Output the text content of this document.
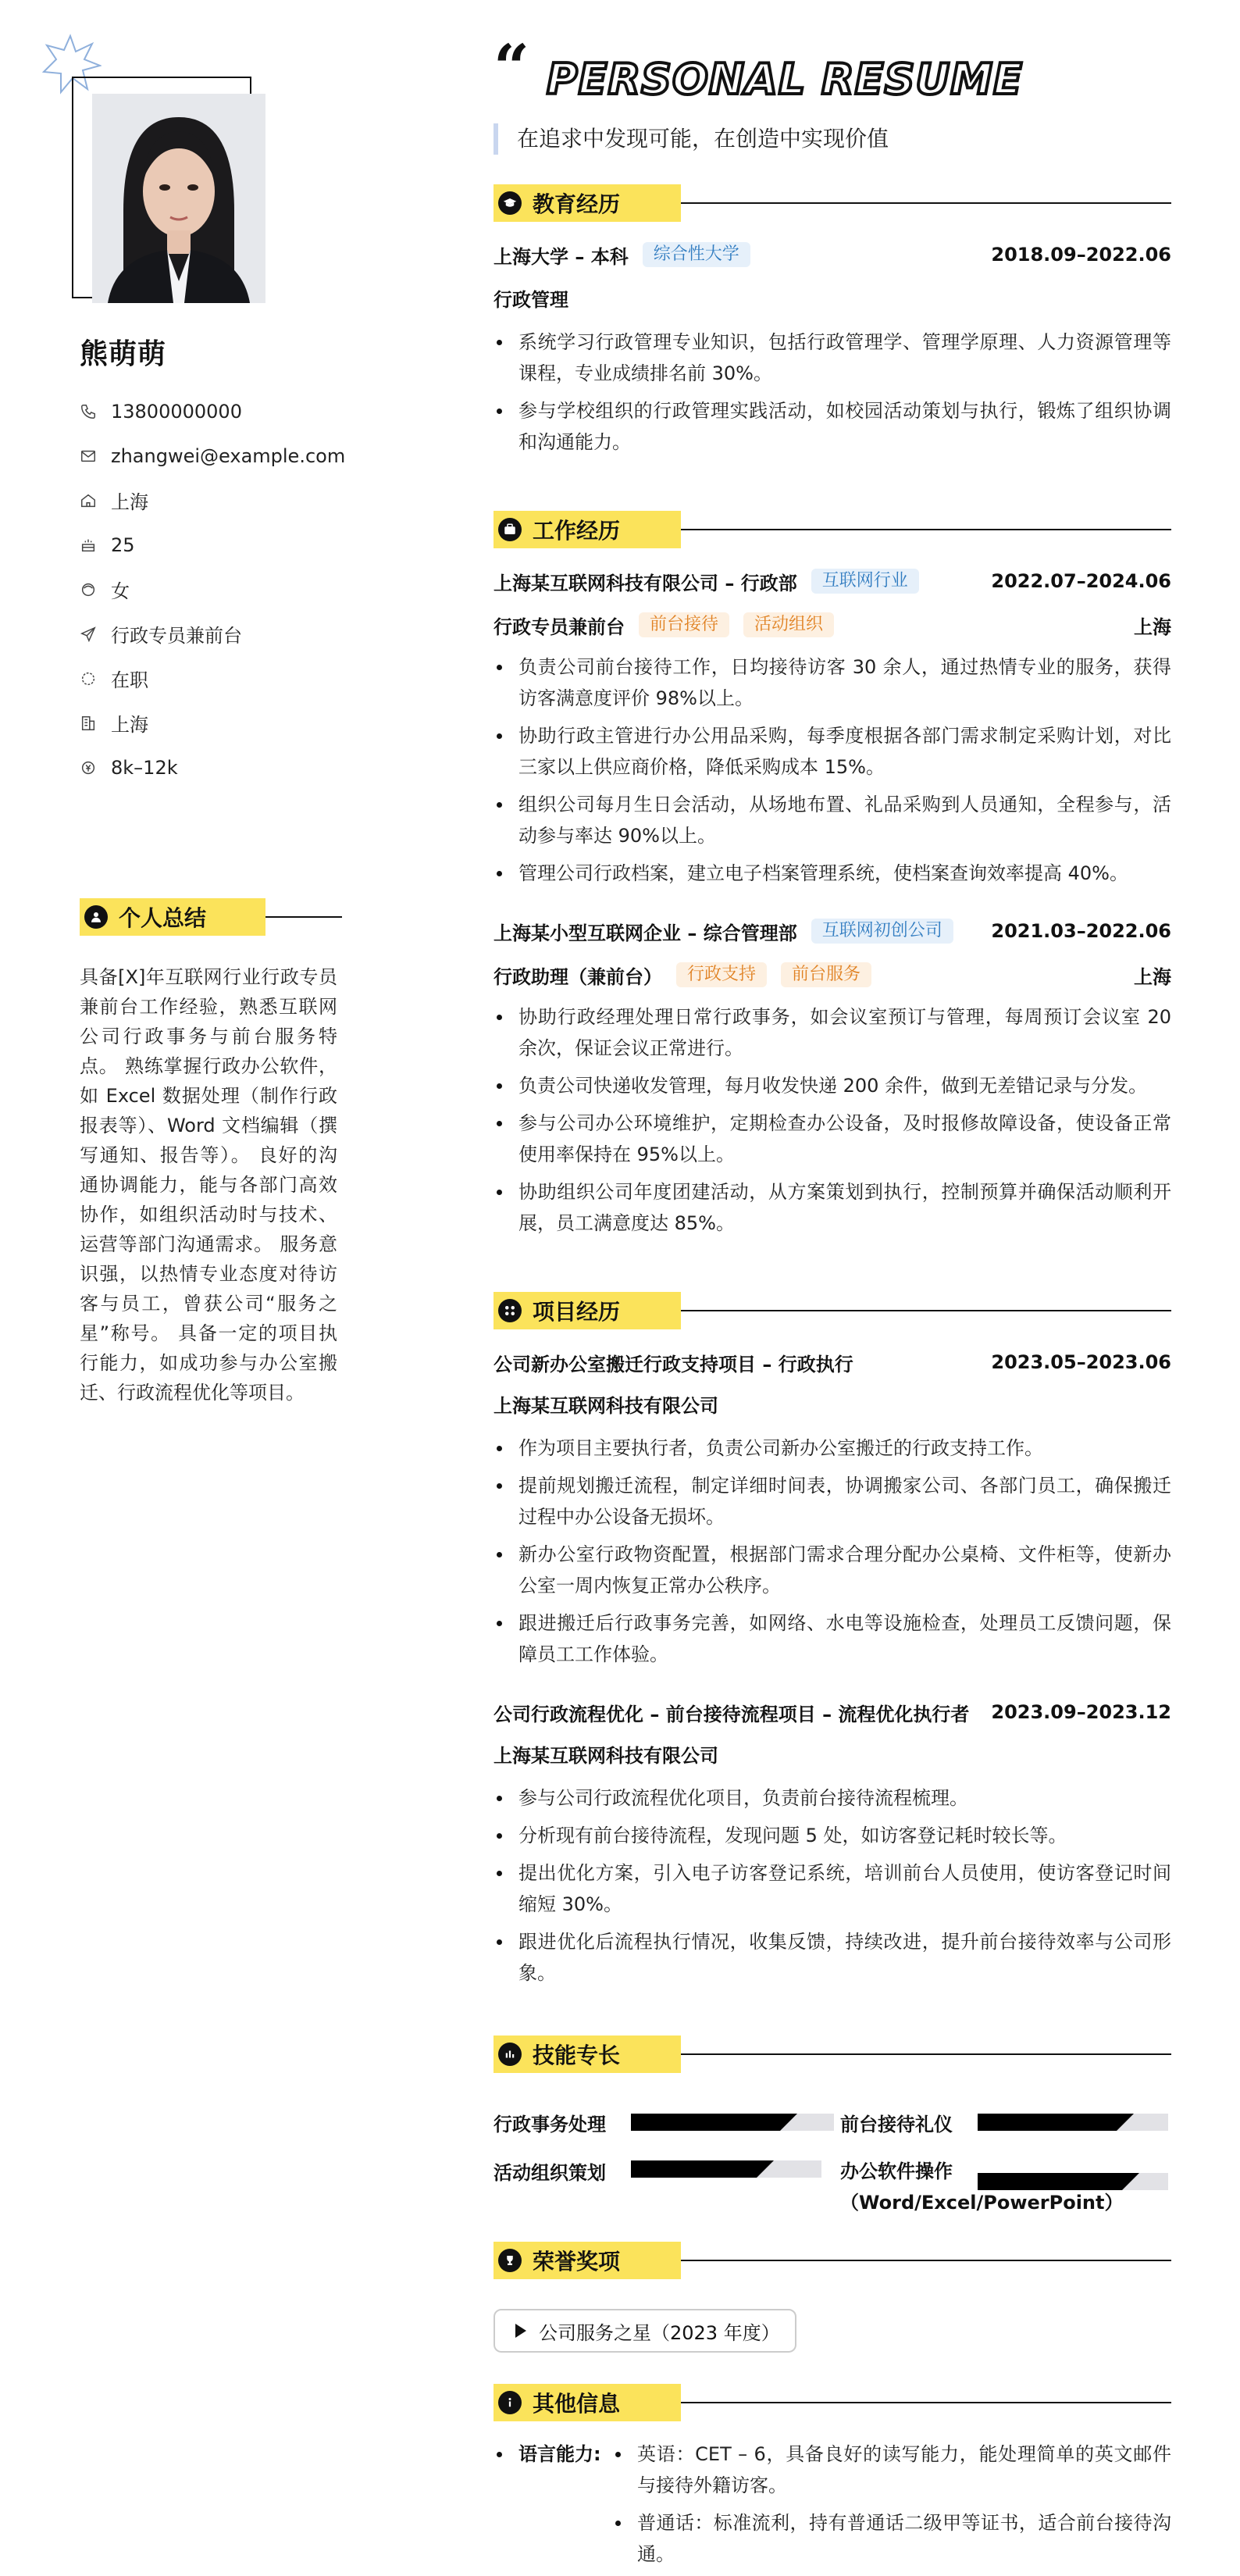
熊萌萌
13800000000
zhangwei@example.com
上海
25
女
行政专员兼前台
在职
上海
8k–12k
个人总结
具备[X]年互联网行业行政专员兼前台工作经验，熟悉互联网公司行政事务与前台服务特点。 熟练掌握行政办公软件，如 Excel 数据处理（制作行政报表等）、Word 文档编辑（撰写通知、报告等）。 良好的沟通协调能力，能与各部门高效协作，如组织活动时与技术、运营等部门沟通需求。 服务意识强，以热情专业态度对待访客与员工，曾获公司“服务之星”称号。 具备一定的项目执行能力，如成功参与办公室搬迁、行政流程优化等项目。
“ PERSONAL RESUME
在追求中发现可能，在创造中实现价值
教育经历
上海大学 – 本科	综合性大学	2018.09–2022.06
行政管理
系统学习行政管理专业知识，包括行政管理学、管理学原理、人力资源管理等课程，专业成绩排名前 30%。
参与学校组织的行政管理实践活动，如校园活动策划与执行，锻炼了组织协调和沟通能力。
工作经历
上海某互联网科技有限公司 – 行政部	互联网行业	2022.07–2024.06
行政专员兼前台	前台接待	活动组织	上海
负责公司前台接待工作，日均接待访客 30 余人，通过热情专业的服务，获得访客满意度评价 98%以上。
协助行政主管进行办公用品采购，每季度根据各部门需求制定采购计划，对比三家以上供应商价格，降低采购成本 15%。
组织公司每月生日会活动，从场地布置、礼品采购到人员通知，全程参与，活动参与率达 90%以上。
管理公司行政档案，建立电子档案管理系统，使档案查询效率提高 40%。
上海某小型互联网企业 – 综合管理部	互联网初创公司	2021.03–2022.06
行政助理（兼前台）	行政支持	前台服务	上海
协助行政经理处理日常行政事务，如会议室预订与管理，每周预订会议室 20 余次，保证会议正常进行。
负责公司快递收发管理，每月收发快递 200 余件，做到无差错记录与分发。
参与公司办公环境维护，定期检查办公设备，及时报修故障设备，使设备正常使用率保持在 95%以上。
协助组织公司年度团建活动，从方案策划到执行，控制预算并确保活动顺利开展，员工满意度达 85%。
项目经历
公司新办公室搬迁行政支持项目 – 行政执行	2023.05–2023.06
上海某互联网科技有限公司
作为项目主要执行者，负责公司新办公室搬迁的行政支持工作。
提前规划搬迁流程，制定详细时间表，协调搬家公司、各部门员工，确保搬迁过程中办公设备无损坏。
新办公室行政物资配置，根据部门需求合理分配办公桌椅、文件柜等，使新办公室一周内恢复正常办公秩序。
跟进搬迁后行政事务完善，如网络、水电等设施检查，处理员工反馈问题，保障员工工作体验。
公司行政流程优化 – 前台接待流程项目 – 流程优化执行者 2023.09–2023.12
上海某互联网科技有限公司
参与公司行政流程优化项目，负责前台接待流程梳理。
分析现有前台接待流程，发现问题 5 处，如访客登记耗时较长等。
提出优化方案，引入电子访客登记系统，培训前台人员使用，使访客登记时间缩短 30%。
跟进优化后流程执行情况，收集反馈，持续改进，提升前台接待效率与公司形象。
技能专长
行政事务处理	前台接待礼仪
活动组织策划	办公软件操作
（Word/Excel/PowerPoint）
荣誉奖项
公司服务之星（2023 年度）
其他信息
语言能力:	英语：CET – 6，具备良好的读写能力，能处理简单的英文邮件与接待外籍访客。
普通话：标准流利，持有普通话二级甲等证书，适合前台接待沟通。
